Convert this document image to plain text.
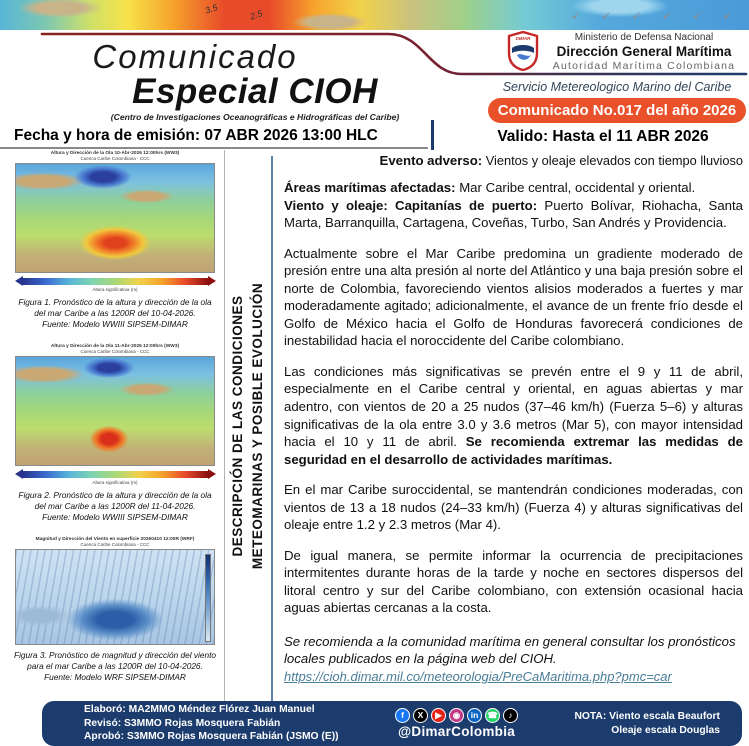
3.5	2.5	↙ ↙ ↙ ↙ ↙ ↙
Comunicado
Especial CIOH
(Centro de Investigaciones Oceanográficas e Hidrográficas del Caribe)
DIMAR	Ministerio de Defensa Nacional
Dirección General Marítima
Autoridad Marítima Colombiana
Servicio Metereologico Marino del Caribe
Comunicado No.017 del año 2026
Fecha y hora de emisión: 07 ABR 2026 13:00 HLC	Valido: Hasta el 11 ABR 2026
DESCRIPCIÓN DE LAS CONDICIONES METEOMARINAS Y POSIBLE EVOLUCIÓN
Altura y Dirección de la Ola 10-Abr-2026 12:00hrs (WW3)
Cuenca Caribe Colombiana - CCC
Altura significativa (m)
Figura 1. Pronóstico de la altura y dirección de la ola del mar Caribe a las 1200R del 10-04-2026.
Fuente: Modelo WWIII SIPSEM-DIMAR
Altura y Dirección de la Ola 11-Abr-2026 12:00hrs (WW3)
Cuenca Caribe Colombiana - CCC
Altura significativa (m)
Figura 2. Pronóstico de la altura y dirección de la ola del mar Caribe a las 1200R del 11-04-2026.
Fuente: Modelo WWIII SIPSEM-DIMAR
Magnitud y Dirección del Viento en superficie 20260410 12:00R (WRF)
Cuenca Caribe Colombiana - CCC
Figura 3. Pronóstico de magnitud y dirección del viento para el mar Caribe a las 1200R del 10-04-2026.
Fuente: Modelo WRF SIPSEM-DIMAR
Evento adverso: Vientos y oleaje elevados con tiempo lluvioso
Áreas marítimas afectadas: Mar Caribe central, occidental y oriental.
Viento y oleaje: Capitanías de puerto: Puerto Bolívar, Riohacha, Santa Marta, Barranquilla, Cartagena, Coveñas, Turbo, San Andrés y Providencia.
Actualmente sobre el Mar Caribe predomina un gradiente moderado de presión entre una alta presión al norte del Atlántico y una baja presión sobre el norte de Colombia, favoreciendo vientos alisios moderados a fuertes y mar moderadamente agitado; adicionalmente, el avance de un frente frío desde el Golfo de México hacia el Golfo de Honduras favorecerá condiciones de inestabilidad hacia el noroccidente del Caribe colombiano.
Las condiciones más significativas se prevén entre el 9 y 11 de abril, especialmente en el Caribe central y oriental, en aguas abiertas y mar adentro, con vientos de 20 a 25 nudos (37–46 km/h) (Fuerza 5–6) y alturas significativas de la ola entre 3.0 y 3.6 metros (Mar 5), con mayor intensidad hacia el 10 y 11 de abril. Se recomienda extremar las medidas de seguridad en el desarrollo de actividades marítimas.
En el mar Caribe suroccidental, se mantendrán condiciones moderadas, con vientos de 13 a 18 nudos (24–33 km/h) (Fuerza 4) y alturas significativas del oleaje entre 1.2 y 2.3 metros (Mar 4).
De igual manera, se permite informar la ocurrencia de precipitaciones intermitentes durante horas de la tarde y noche en sectores dispersos del litoral centro y sur del Caribe colombiano, con extensión ocasional hacia aguas abiertas cercanas a la costa.
Se recomienda a la comunidad marítima en general consultar los pronósticos locales publicados en la página web del CIOH.
https://cioh.dimar.mil.co/meteorologia/PreCaMaritima.php?pmc=car
Elaboró: MA2MMO Méndez Flórez Juan Manuel
Revisó: S3MMO Rojas Mosquera Fabián
Aprobó: S3MMO Rojas Mosquera Fabián (JSMO (E))
f	X	▶	◉	in	☎	♪
@DimarColombia
NOTA: Viento escala Beaufort
Oleaje escala Douglas
